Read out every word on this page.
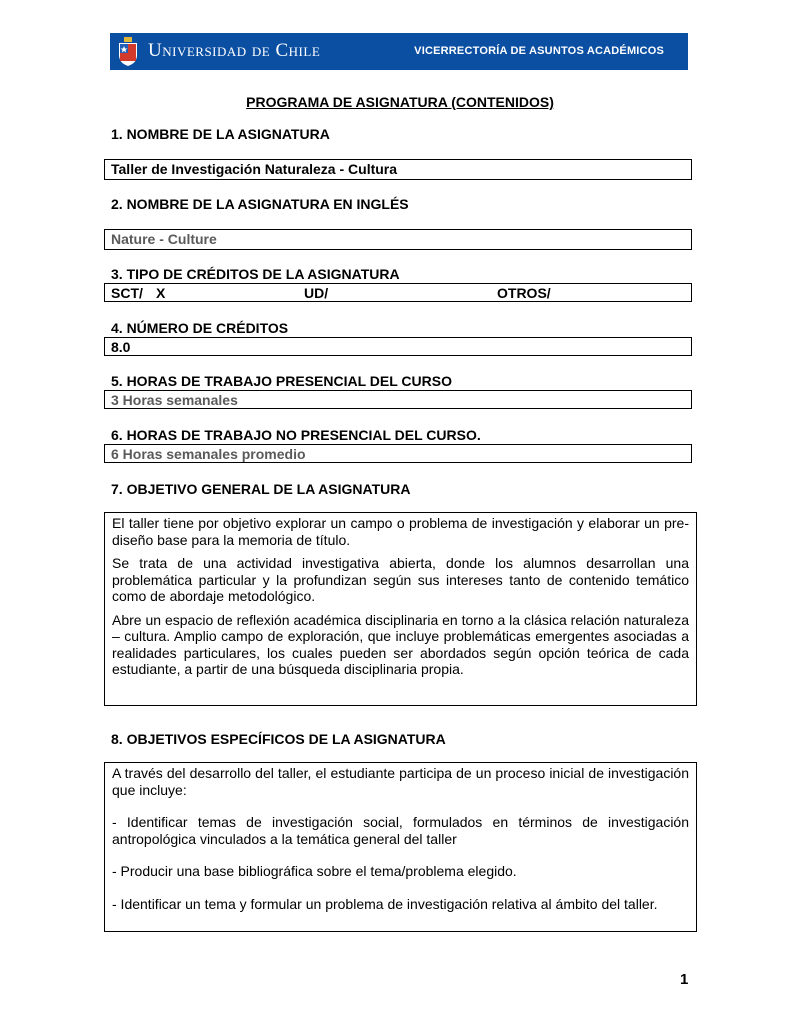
Universidad de Chile	VICERRECTORÍA DE ASUNTOS ACADÉMICOS
PROGRAMA DE ASIGNATURA (CONTENIDOS)
1. NOMBRE DE LA ASIGNATURA
Taller de Investigación Naturaleza - Cultura
2. NOMBRE DE LA ASIGNATURA EN INGLÉS
Nature - Culture
3. TIPO DE CRÉDITOS DE LA ASIGNATURA
SCT/ X	UD/	OTROS/
4. NÚMERO DE CRÉDITOS
8.0
5. HORAS DE TRABAJO PRESENCIAL DEL CURSO
3 Horas semanales
6. HORAS DE TRABAJO NO PRESENCIAL DEL CURSO.
6 Horas semanales promedio
7. OBJETIVO GENERAL DE LA ASIGNATURA

El taller tiene por objetivo explorar un campo o problema de investigación y elaborar un pre-diseño base para la memoria de título.

Se trata de una actividad investigativa abierta, donde los alumnos desarrollan una problemática particular y la profundizan según sus intereses tanto de contenido temático como de abordaje metodológico.

Abre un espacio de reflexión académica disciplinaria en torno a la clásica relación naturaleza – cultura. Amplio campo de exploración, que incluye problemáticas emergentes asociadas a realidades particulares, los cuales pueden ser abordados según opción teórica de cada estudiante, a partir de una búsqueda disciplinaria propia.

8. OBJETIVOS ESPECÍFICOS DE LA ASIGNATURA

A través del desarrollo del taller, el estudiante participa de un proceso inicial de investigación que incluye:

- Identificar temas de investigación social, formulados en términos de investigación antropológica vinculados a la temática general del taller

- Producir una base bibliográfica sobre el tema/problema elegido.

- Identificar un tema y formular un problema de investigación relativa al ámbito del taller.

1
